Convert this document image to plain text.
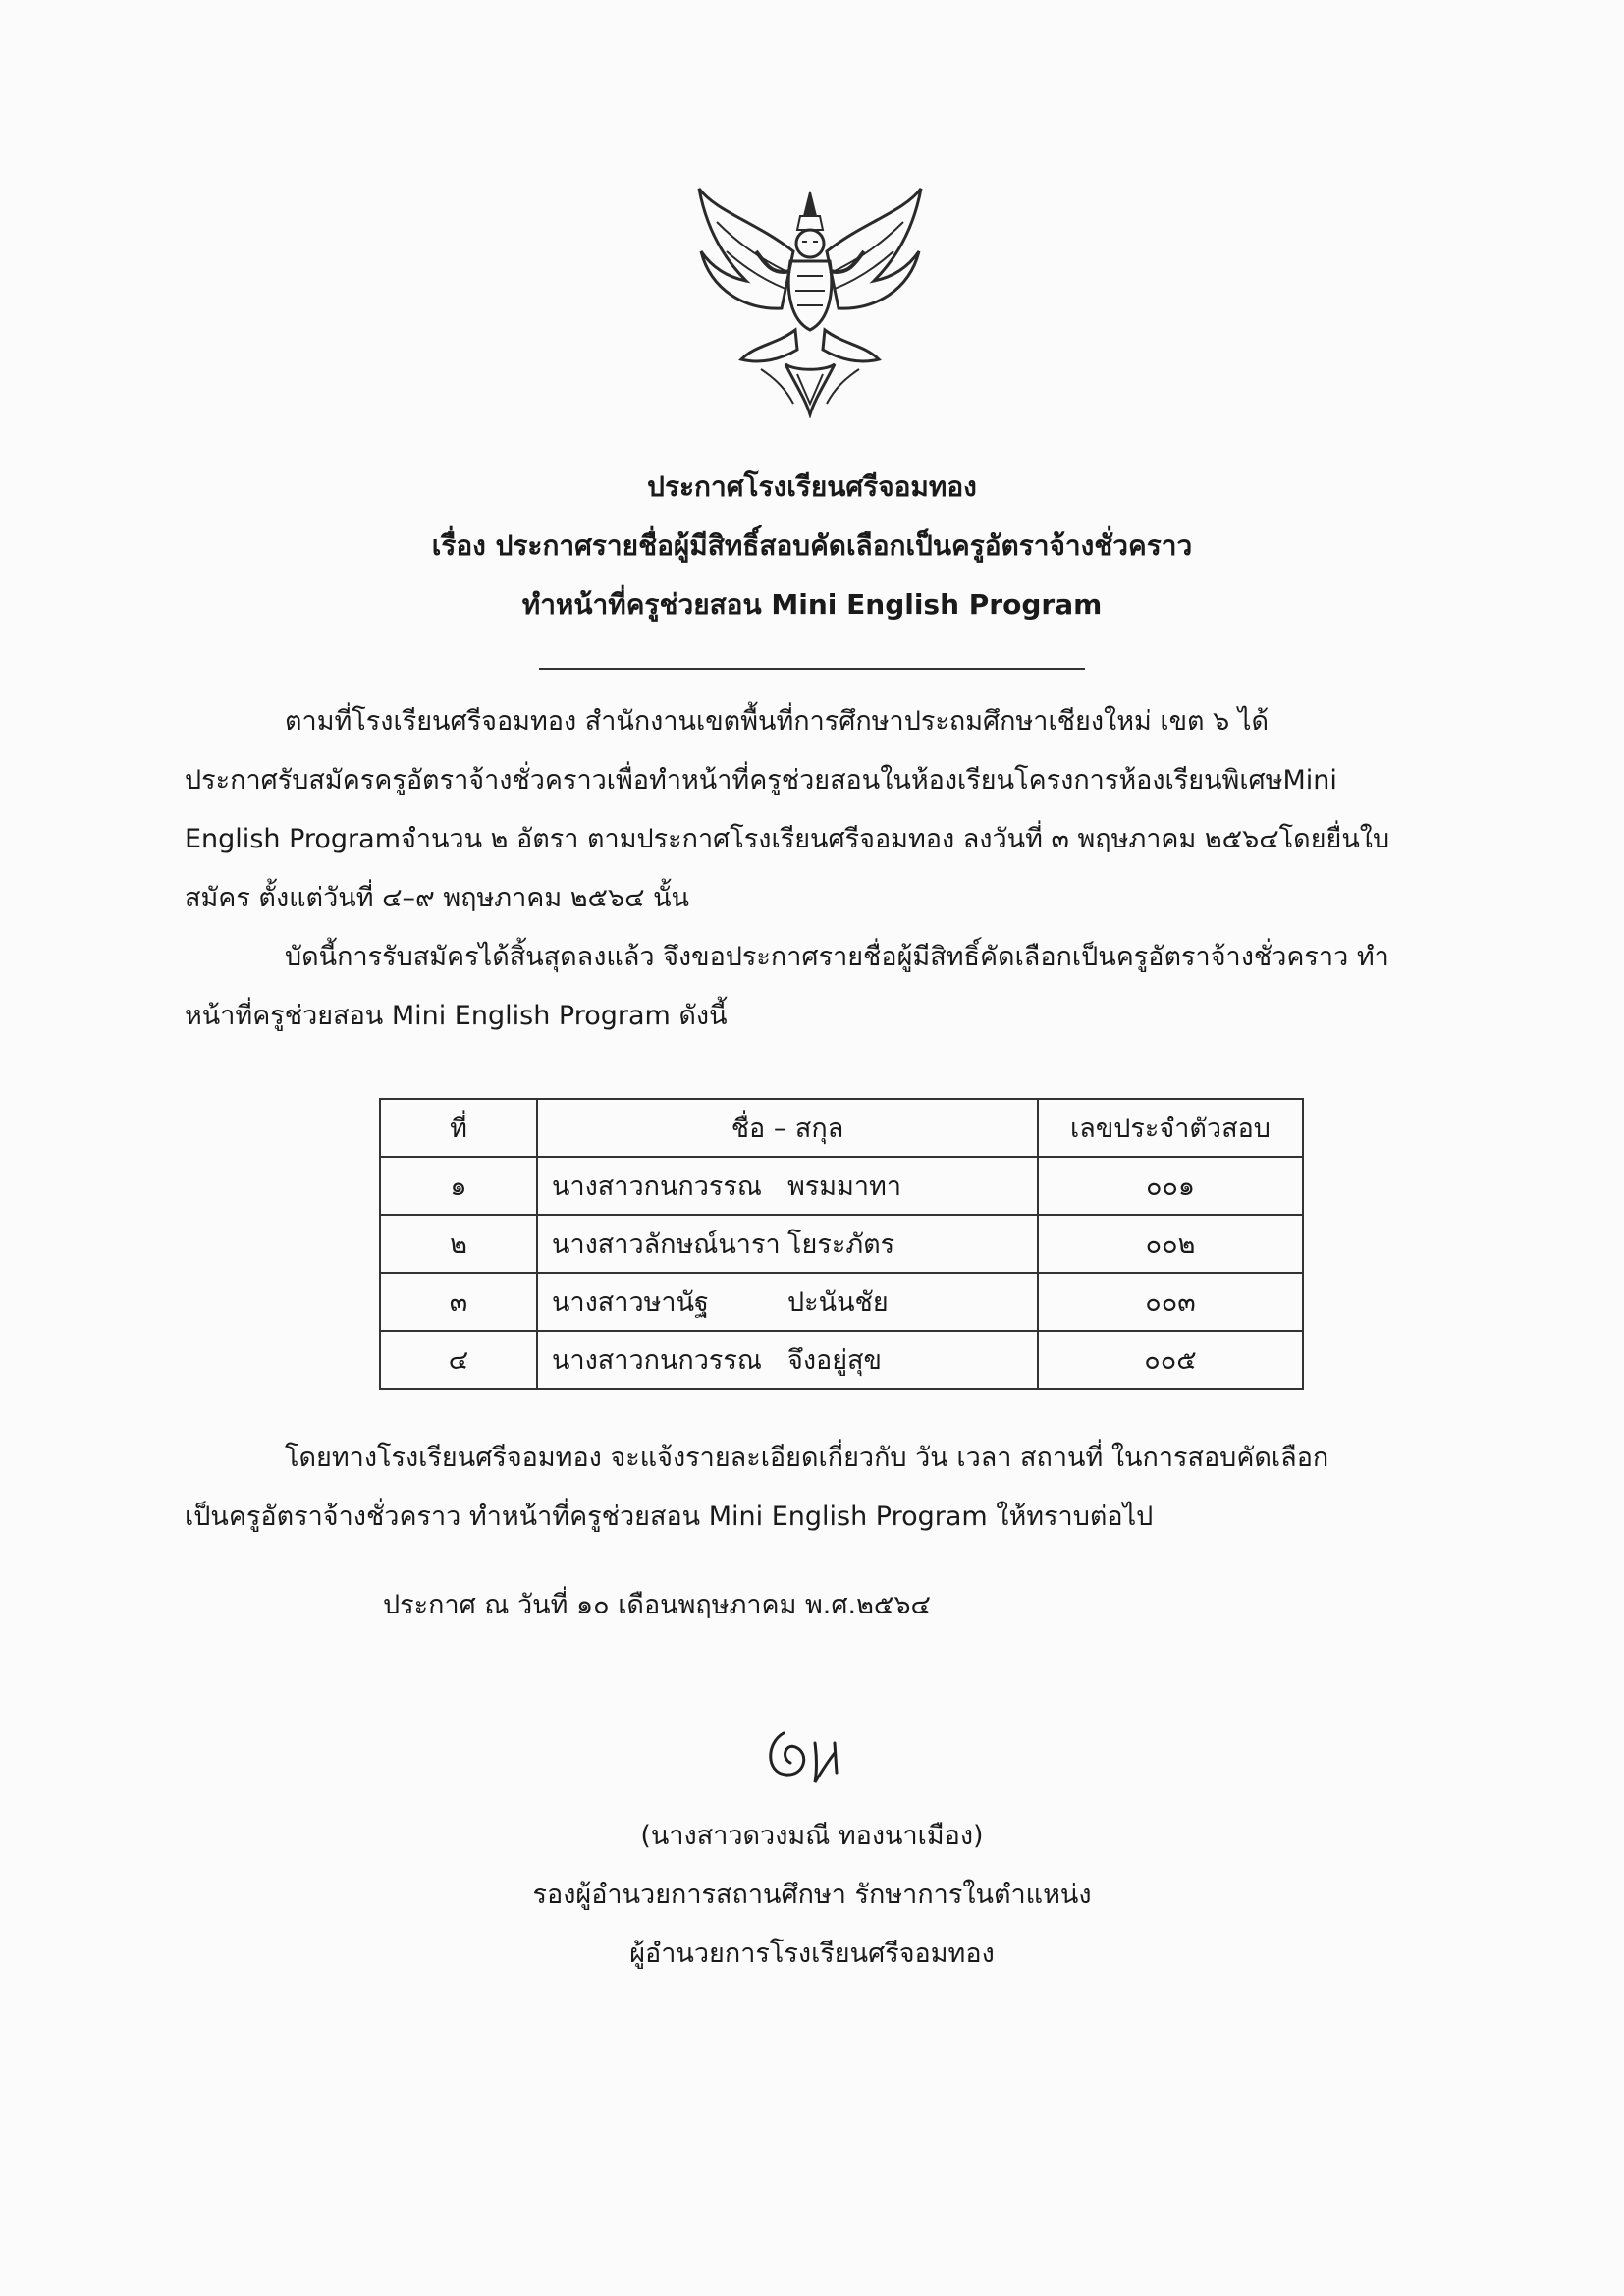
ประกาศโรงเรียนศรีจอมทอง
เรื่อง ประกาศรายชื่อผู้มีสิทธิ์สอบคัดเลือกเป็นครูอัตราจ้างชั่วคราว
ทำหน้าที่ครูช่วยสอน Mini English Program
ตามที่โรงเรียนศรีจอมทอง สำนักงานเขตพื้นที่การศึกษาประถมศึกษาเชียงใหม่ เขต ๖ ได้
ประกาศรับสมัครครูอัตราจ้างชั่วคราวเพื่อทำหน้าที่ครูช่วยสอนในห้องเรียนโครงการห้องเรียนพิเศษMini
English Programจำนวน ๒ อัตรา ตามประกาศโรงเรียนศรีจอมทอง ลงวันที่ ๓ พฤษภาคม ๒๕๖๔โดยยื่นใบ
สมัคร ตั้งแต่วันที่ ๔–๙ พฤษภาคม ๒๕๖๔ นั้น
บัดนี้การรับสมัครได้สิ้นสุดลงแล้ว จึงขอประกาศรายชื่อผู้มีสิทธิ์คัดเลือกเป็นครูอัตราจ้างชั่วคราว ทำ
หน้าที่ครูช่วยสอน Mini English Program ดังนี้
ที่	ชื่อ – สกุล	เลขประจำตัวสอบ
๑	นางสาวกนกวรรณ พรมมาทา	๐๐๑
๒	นางสาวลักษณ์นารา โยระภัตร	๐๐๒
๓	นางสาวษานัฐ ปะนันชัย	๐๐๓
๔	นางสาวกนกวรรณ จึงอยู่สุข	๐๐๕
โดยทางโรงเรียนศรีจอมทอง จะแจ้งรายละเอียดเกี่ยวกับ วัน เวลา สถานที่ ในการสอบคัดเลือก
เป็นครูอัตราจ้างชั่วคราว ทำหน้าที่ครูช่วยสอน Mini English Program ให้ทราบต่อไป
ประกาศ ณ วันที่ ๑๐ เดือนพฤษภาคม พ.ศ.๒๕๖๔
(นางสาวดวงมณี ทองนาเมือง)
รองผู้อำนวยการสถานศึกษา รักษาการในตำแหน่ง
ผู้อำนวยการโรงเรียนศรีจอมทอง
